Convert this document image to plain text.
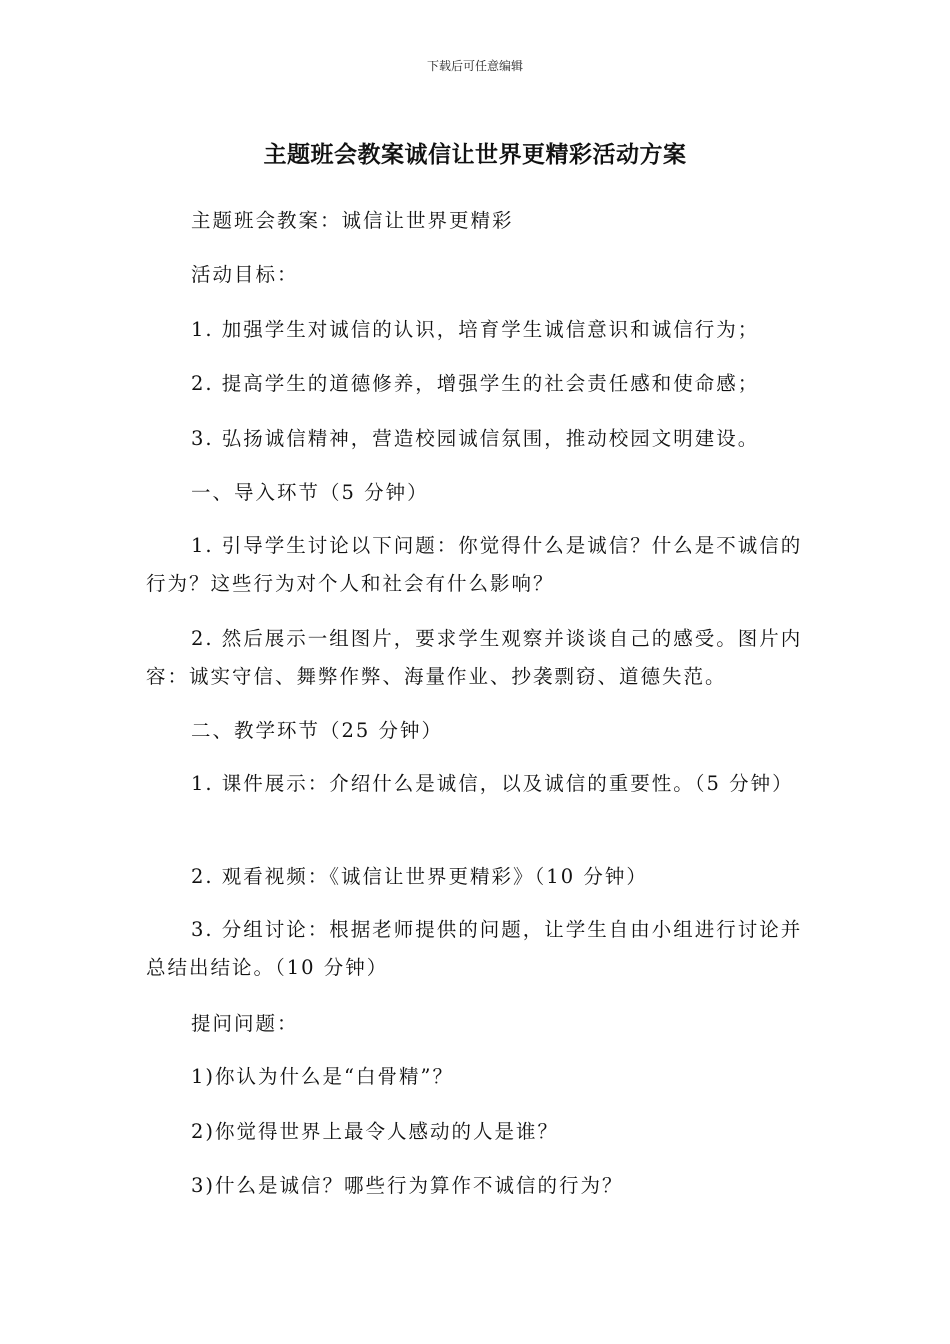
下载后可任意编辑
主题班会教案诚信让世界更精彩活动方案
主题班会教案：诚信让世界更精彩
活动目标：
1. 加强学生对诚信的认识，培育学生诚信意识和诚信行为；
2. 提高学生的道德修养，增强学生的社会责任感和使命感；
3. 弘扬诚信精神，营造校园诚信氛围，推动校园文明建设。
一、导入环节（5 分钟）
1. 引导学生讨论以下问题：你觉得什么是诚信？什么是不诚信的行为？这些行为对个人和社会有什么影响？
2. 然后展示一组图片，要求学生观察并谈谈自己的感受。图片内容：诚实守信、舞弊作弊、海量作业、抄袭剽窃、道德失范。
二、教学环节（25 分钟）
1. 课件展示：介绍什么是诚信，以及诚信的重要性。（5 分钟）
2. 观看视频：《诚信让世界更精彩》（10 分钟）
3. 分组讨论：根据老师提供的问题，让学生自由小组进行讨论并总结出结论。（10 分钟）
提问问题：
1)你认为什么是“白骨精”？
2)你觉得世界上最令人感动的人是谁？
3)什么是诚信？哪些行为算作不诚信的行为？
